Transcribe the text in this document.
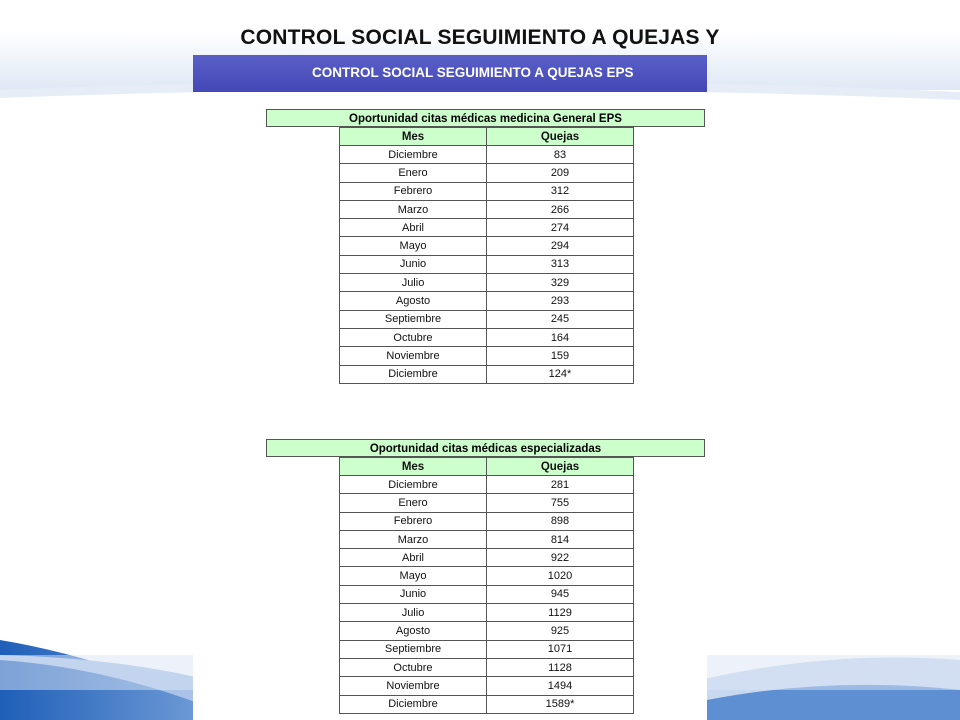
CONTROL SOCIAL SEGUIMIENTO A QUEJAS Y
CONTROL SOCIAL SEGUIMIENTO A QUEJAS EPS
Oportunidad citas médicas medicina General EPS
Mes	Quejas
Diciembre	83
Enero	209
Febrero	312
Marzo	266
Abril	274
Mayo	294
Junio	313
Julio	329
Agosto	293
Septiembre	245
Octubre	164
Noviembre	159
Diciembre	124*
Oportunidad citas médicas especializadas
Mes	Quejas
Diciembre	281
Enero	755
Febrero	898
Marzo	814
Abril	922
Mayo	1020
Junio	945
Julio	1129
Agosto	925
Septiembre	1071
Octubre	1128
Noviembre	1494
Diciembre	1589*
